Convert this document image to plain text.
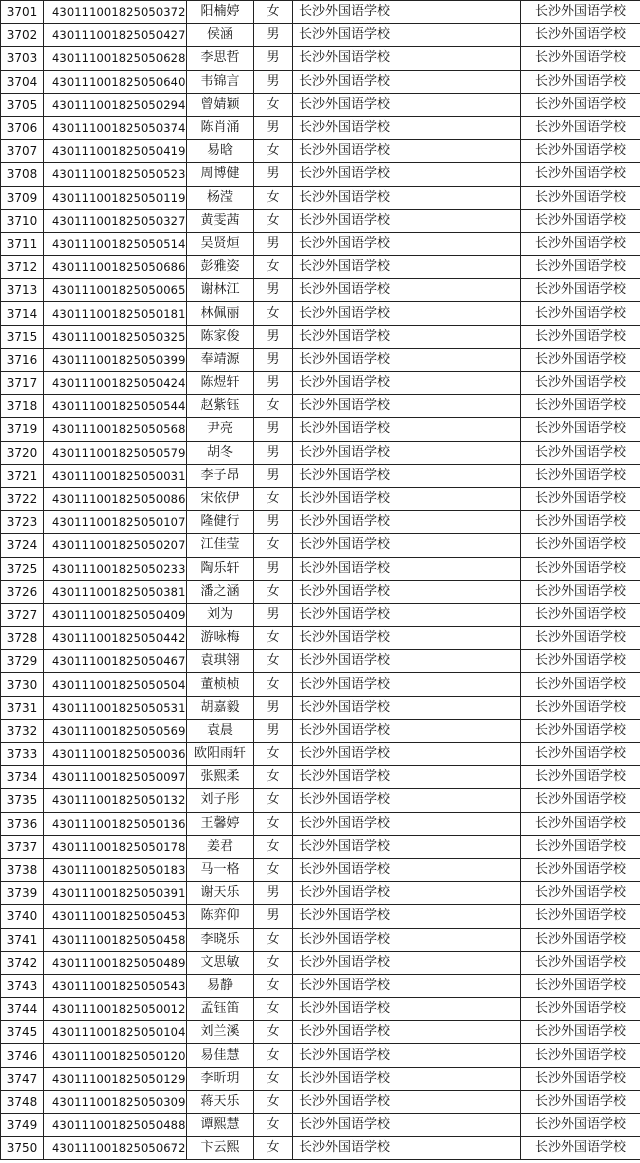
3701	430111001825050372	阳楠婷	女	长沙外国语学校	长沙外国语学校
3702	430111001825050427	侯涵	男	长沙外国语学校	长沙外国语学校
3703	430111001825050628	李思哲	男	长沙外国语学校	长沙外国语学校
3704	430111001825050640	韦锦言	男	长沙外国语学校	长沙外国语学校
3705	430111001825050294	曾婧颖	女	长沙外国语学校	长沙外国语学校
3706	430111001825050374	陈肖涌	男	长沙外国语学校	长沙外国语学校
3707	430111001825050419	易晗	女	长沙外国语学校	长沙外国语学校
3708	430111001825050523	周博健	男	长沙外国语学校	长沙外国语学校
3709	430111001825050119	杨滢	女	长沙外国语学校	长沙外国语学校
3710	430111001825050327	黄雯茜	女	长沙外国语学校	长沙外国语学校
3711	430111001825050514	吴贤烜	男	长沙外国语学校	长沙外国语学校
3712	430111001825050686	彭雅姿	女	长沙外国语学校	长沙外国语学校
3713	430111001825050065	谢林江	男	长沙外国语学校	长沙外国语学校
3714	430111001825050181	林佩丽	女	长沙外国语学校	长沙外国语学校
3715	430111001825050325	陈家俊	男	长沙外国语学校	长沙外国语学校
3716	430111001825050399	奉靖源	男	长沙外国语学校	长沙外国语学校
3717	430111001825050424	陈煜轩	男	长沙外国语学校	长沙外国语学校
3718	430111001825050544	赵紫钰	女	长沙外国语学校	长沙外国语学校
3719	430111001825050568	尹亮	男	长沙外国语学校	长沙外国语学校
3720	430111001825050579	胡冬	男	长沙外国语学校	长沙外国语学校
3721	430111001825050031	李子昂	男	长沙外国语学校	长沙外国语学校
3722	430111001825050086	宋依伊	女	长沙外国语学校	长沙外国语学校
3723	430111001825050107	隆健行	男	长沙外国语学校	长沙外国语学校
3724	430111001825050207	江佳莹	女	长沙外国语学校	长沙外国语学校
3725	430111001825050233	陶乐轩	男	长沙外国语学校	长沙外国语学校
3726	430111001825050381	潘之涵	女	长沙外国语学校	长沙外国语学校
3727	430111001825050409	刘为	男	长沙外国语学校	长沙外国语学校
3728	430111001825050442	游咏梅	女	长沙外国语学校	长沙外国语学校
3729	430111001825050467	袁琪翎	女	长沙外国语学校	长沙外国语学校
3730	430111001825050504	董桢桢	女	长沙外国语学校	长沙外国语学校
3731	430111001825050531	胡嘉毅	男	长沙外国语学校	长沙外国语学校
3732	430111001825050569	袁晨	男	长沙外国语学校	长沙外国语学校
3733	430111001825050036	欧阳雨轩	女	长沙外国语学校	长沙外国语学校
3734	430111001825050097	张熙柔	女	长沙外国语学校	长沙外国语学校
3735	430111001825050132	刘子彤	女	长沙外国语学校	长沙外国语学校
3736	430111001825050136	王馨婷	女	长沙外国语学校	长沙外国语学校
3737	430111001825050178	姜君	女	长沙外国语学校	长沙外国语学校
3738	430111001825050183	马一格	女	长沙外国语学校	长沙外国语学校
3739	430111001825050391	谢天乐	男	长沙外国语学校	长沙外国语学校
3740	430111001825050453	陈弈仰	男	长沙外国语学校	长沙外国语学校
3741	430111001825050458	李晓乐	女	长沙外国语学校	长沙外国语学校
3742	430111001825050489	文思敏	女	长沙外国语学校	长沙外国语学校
3743	430111001825050543	易静	女	长沙外国语学校	长沙外国语学校
3744	430111001825050012	孟钰笛	女	长沙外国语学校	长沙外国语学校
3745	430111001825050104	刘兰溪	女	长沙外国语学校	长沙外国语学校
3746	430111001825050120	易佳慧	女	长沙外国语学校	长沙外国语学校
3747	430111001825050129	李昕玥	女	长沙外国语学校	长沙外国语学校
3748	430111001825050309	蒋天乐	女	长沙外国语学校	长沙外国语学校
3749	430111001825050488	谭熙慧	女	长沙外国语学校	长沙外国语学校
3750	430111001825050672	卞云熙	女	长沙外国语学校	长沙外国语学校
